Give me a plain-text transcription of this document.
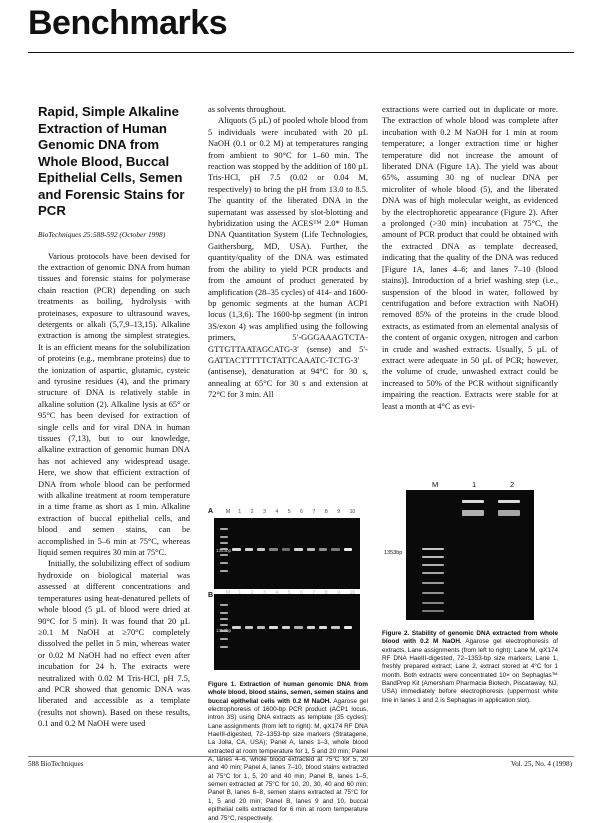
Benchmarks
Rapid, Simple Alkaline Extraction of Human Genomic DNA from Whole Blood, Buccal Epithelial Cells, Semen and Forensic Stains for PCR
BioTechniques 25:588-592 (October 1998)

Various protocols have been devised for the extraction of genomic DNA from human tissues and forensic stains for polymerase chain reaction (PCR) depending on such treatments as boiling, hydrolysis with proteinases, exposure to ultrasound waves, detergents or alkali (5,7,9–13,15). Alkaline extraction is among the simplest strategies. It is an efficient means for the solubilization of proteins (e.g., membrane proteins) due to the ionization of aspartic, glutamic, cysteic and tyrosine residues (4), and the primary structure of DNA is relatively stable in alkaline solution (2). Alkaline lysis at 65° or 95°C has been devised for extraction of single cells and for viral DNA in human tissues (7,13), but to our knowledge, alkaline extraction of genomic human DNA has not achieved any widespread usage. Here, we show that efficient extraction of DNA from whole blood can be performed with alkaline treatment at room temperature in a time frame as short as 1 min. Alkaline extraction of buccal epithelial cells, and blood and semen stains, can be accomplished in 5–6 min at 75°C, whereas liquid semen requires 30 min at 75°C.

Initially, the solubilizing effect of sodium hydroxide on biological material was assessed at different concentrations and temperatures using heat-denatured pellets of whole blood (5 µL of blood were dried at 90°C for 5 min). It was found that 20 µL ≥0.1 M NaOH at ≥70°C completely dissolved the pellet in 5 min, whereas water or 0.02 M NaOH had no effect even after incubation for 24 h. The extracts were neutralized with 0.02 M Tris-HCl, pH 7.5, and PCR showed that genomic DNA was liberated and accessible as a template (results not shown). Based on these results, 0.1 and 0.2 M NaOH were used

as solvents throughout.

Aliquots (5 µL) of pooled whole blood from 5 individuals were incubated with 20 µL NaOH (0.1 or 0.2 M) at temperatures ranging from ambient to 90°C for 1–60 min. The reaction was stopped by the addition of 180 µL Tris-HCl, pH 7.5 (0.02 or 0.04 M, respectively) to bring the pH from 13.0 to 8.5. The quantity of the liberated DNA in the supernatant was assessed by slot-blotting and hybridization using the ACES™ 2.0* Human DNA Quantitation System (Life Technologies, Gaithersburg, MD, USA). Further, the quantity/quality of the DNA was estimated from the ability to yield PCR products and from the amount of product generated by amplification (28–35 cycles) of 414- and 1600-bp genomic segments at the human ACP1 locus (1,3,6). The 1600-bp segment (in intron 3S/exon 4) was amplified using the following primers, 5′-GGGAAAGTCTA-GTTGTTAATAGCATG-3′ (sense) and 5′-GATTACTTTTTCTATTCAAATC-TCTG-3′ (antisense), denaturation at 94°C for 30 s, annealing at 65°C for 30 s and extension at 72°C for 3 min. All

A	M 1 2 3 4 5 6 7 8 9 10
1353bp
B	M 1 2 3 4 5 6 7 8 9 10
1353bp

Figure 1. Extraction of human genomic DNA from whole blood, blood stains, semen, semen stains and buccal epithelial cells with 0.2 M NaOH. Agarose gel electrophoresis of 1600-bp PCR product (ACP1 locus, intron 3S) using DNA extracts as template (35 cycles): Lane assignments (from left to right): M, φX174 RF DNA HaeIII-digested, 72–1353-bp size markers (Stratagene, La Jolla, CA, USA); Panel A, lanes 1–3, whole blood extracted at room temperature for 1, 5 and 20 min; Panel A, lanes 4–6, whole blood extracted at 75°C for 5, 20 and 40 min; Panel A, lanes 7–10, blood stains extracted at 75°C for 1, 5, 20 and 40 min; Panel B, lanes 1–5, semen extracted at 75°C for 10, 20, 30, 40 and 60 min; Panel B, lanes 6–8, semen stains extracted at 75°C for 1, 5 and 20 min; Panel B, lanes 9 and 10, buccal epithelial cells extracted for 6 min at room temperature and 75°C, respectively.

extractions were carried out in duplicate or more. The extraction of whole blood was complete after incubation with 0.2 M NaOH for 1 min at room temperature; a longer extraction time or higher temperature did not increase the amount of liberated DNA (Figure 1A). The yield was about 65%, assuming 30 ng of nuclear DNA per microliter of whole blood (5), and the liberated DNA was of high molecular weight, as evidenced by the electrophoretic appearance (Figure 2). After a prolonged (>30 min) incubation at 75°C, the amount of PCR product that could be obtained with the extracted DNA as template decreased, indicating that the quality of the DNA was reduced [Figure 1A, lanes 4–6; and lanes 7–10 (blood stains)]. Introduction of a brief washing step (i.e., suspension of the blood in water, followed by centrifugation and before extraction with NaOH) removed 85% of the proteins in the crude blood extracts, as estimated from an elemental analysis of the content of organic oxygen, nitrogen and carbon in crude and washed extracts. Usually, 5 µL of extract were adequate in 50 µL of PCR; however, the volume of crude, unwashed extract could be increased to 50% of the PCR without significantly impairing the reaction. Extracts were stable for at least a month at 4°C as evi-

M	1	2
1353bp

Figure 2. Stability of genomic DNA extracted from whole blood with 0.2 M NaOH. Agarose gel electrophoresis of extracts. Lane assignments (from left to right): Lane M, φX174 RF DNA HaeIII-digested, 72–1353-bp size markers; Lane 1, freshly prepared extract; Lane 2, extract stored at 4°C for 1 month. Both extracts were concentrated 10× on Sephaglas™ BandPrep Kit (Amersham Pharmacia Biotech, Piscataway, NJ, USA) immediately before electrophoresis (uppermost white line in lanes 1 and 2 is Sephaglas in application slot).

588 BioTechniques	Vol. 25, No. 4 (1998)
